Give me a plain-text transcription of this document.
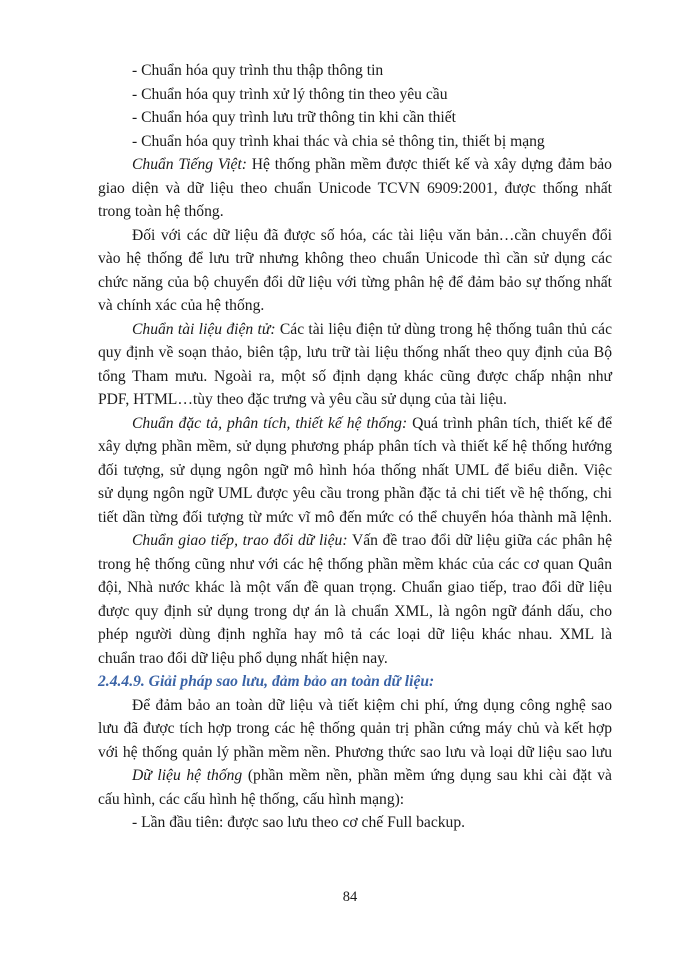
- Chuẩn hóa quy trình thu thập thông tin
- Chuẩn hóa quy trình xử lý thông tin theo yêu cầu
- Chuẩn hóa quy trình lưu trữ thông tin khi cần thiết
- Chuẩn hóa quy trình khai thác và chia sẻ thông tin, thiết bị mạng
Chuẩn Tiếng Việt: Hệ thống phần mềm được thiết kế và xây dựng đảm bảo
giao diện và dữ liệu theo chuẩn Unicode TCVN 6909:2001, được thống nhất
trong toàn hệ thống.
Đối với các dữ liệu đã được số hóa, các tài liệu văn bản…cần chuyển đổi
vào hệ thống để lưu trữ nhưng không theo chuẩn Unicode thì cần sử dụng các
chức năng của bộ chuyển đổi dữ liệu với từng phân hệ để đảm bảo sự thống nhất
và chính xác của hệ thống.
Chuẩn tài liệu điện tử: Các tài liệu điện tử dùng trong hệ thống tuân thủ các
quy định về soạn thảo, biên tập, lưu trữ tài liệu thống nhất theo quy định của Bộ
tổng Tham mưu. Ngoài ra, một số định dạng khác cũng được chấp nhận như
PDF, HTML…tùy theo đặc trưng và yêu cầu sử dụng của tài liệu.
Chuẩn đặc tả, phân tích, thiết kế hệ thống: Quá trình phân tích, thiết kế để
xây dựng phần mềm, sử dụng phương pháp phân tích và thiết kế hệ thống hướng
đối tượng, sử dụng ngôn ngữ mô hình hóa thống nhất UML để biểu diễn. Việc
sử dụng ngôn ngữ UML được yêu cầu trong phần đặc tả chi tiết về hệ thống, chi
tiết dần từng đối tượng từ mức vĩ mô đến mức có thể chuyển hóa thành mã lệnh.
Chuẩn giao tiếp, trao đổi dữ liệu: Vấn đề trao đổi dữ liệu giữa các phân hệ
trong hệ thống cũng như với các hệ thống phần mềm khác của các cơ quan Quân
đội, Nhà nước khác là một vấn đề quan trọng. Chuẩn giao tiếp, trao đổi dữ liệu
được quy định sử dụng trong dự án là chuẩn XML, là ngôn ngữ đánh dấu, cho
phép người dùng định nghĩa hay mô tả các loại dữ liệu khác nhau. XML là
chuẩn trao đổi dữ liệu phổ dụng nhất hiện nay.
2.4.4.9. Giải pháp sao lưu, đảm bảo an toàn dữ liệu:
Để đảm bảo an toàn dữ liệu và tiết kiệm chi phí, ứng dụng công nghệ sao
lưu đã được tích hợp trong các hệ thống quản trị phần cứng máy chủ và kết hợp
với hệ thống quản lý phần mềm nền. Phương thức sao lưu và loại dữ liệu sao lưu
Dữ liệu hệ thống (phần mềm nền, phần mềm ứng dụng sau khi cài đặt và
cấu hình, các cấu hình hệ thống, cấu hình mạng):
- Lần đầu tiên: được sao lưu theo cơ chế Full backup.
84
